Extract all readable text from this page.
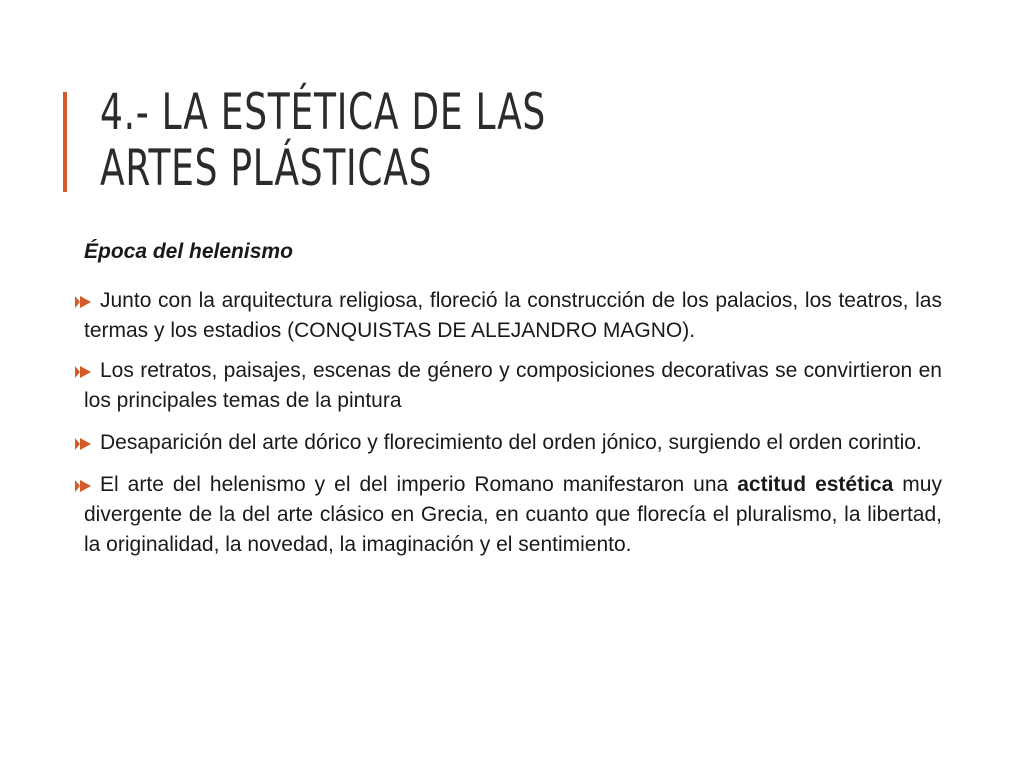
4.- LA ESTÉTICA DE LAS
ARTES PLÁSTICAS
Época del helenismo
Junto con la arquitectura religiosa, floreció la construcción de los palacios, los teatros, las termas y los estadios (CONQUISTAS DE ALEJANDRO MAGNO).
Los retratos, paisajes, escenas de género y composiciones decorativas se convirtieron en los principales temas de la pintura
Desaparición del arte dórico y florecimiento del orden jónico, surgiendo el orden corintio.
El arte del helenismo y el del imperio Romano manifestaron una actitud estética muy divergente de la del arte clásico en Grecia, en cuanto que florecía el pluralismo, la libertad, la originalidad, la novedad, la imaginación y el sentimiento.
